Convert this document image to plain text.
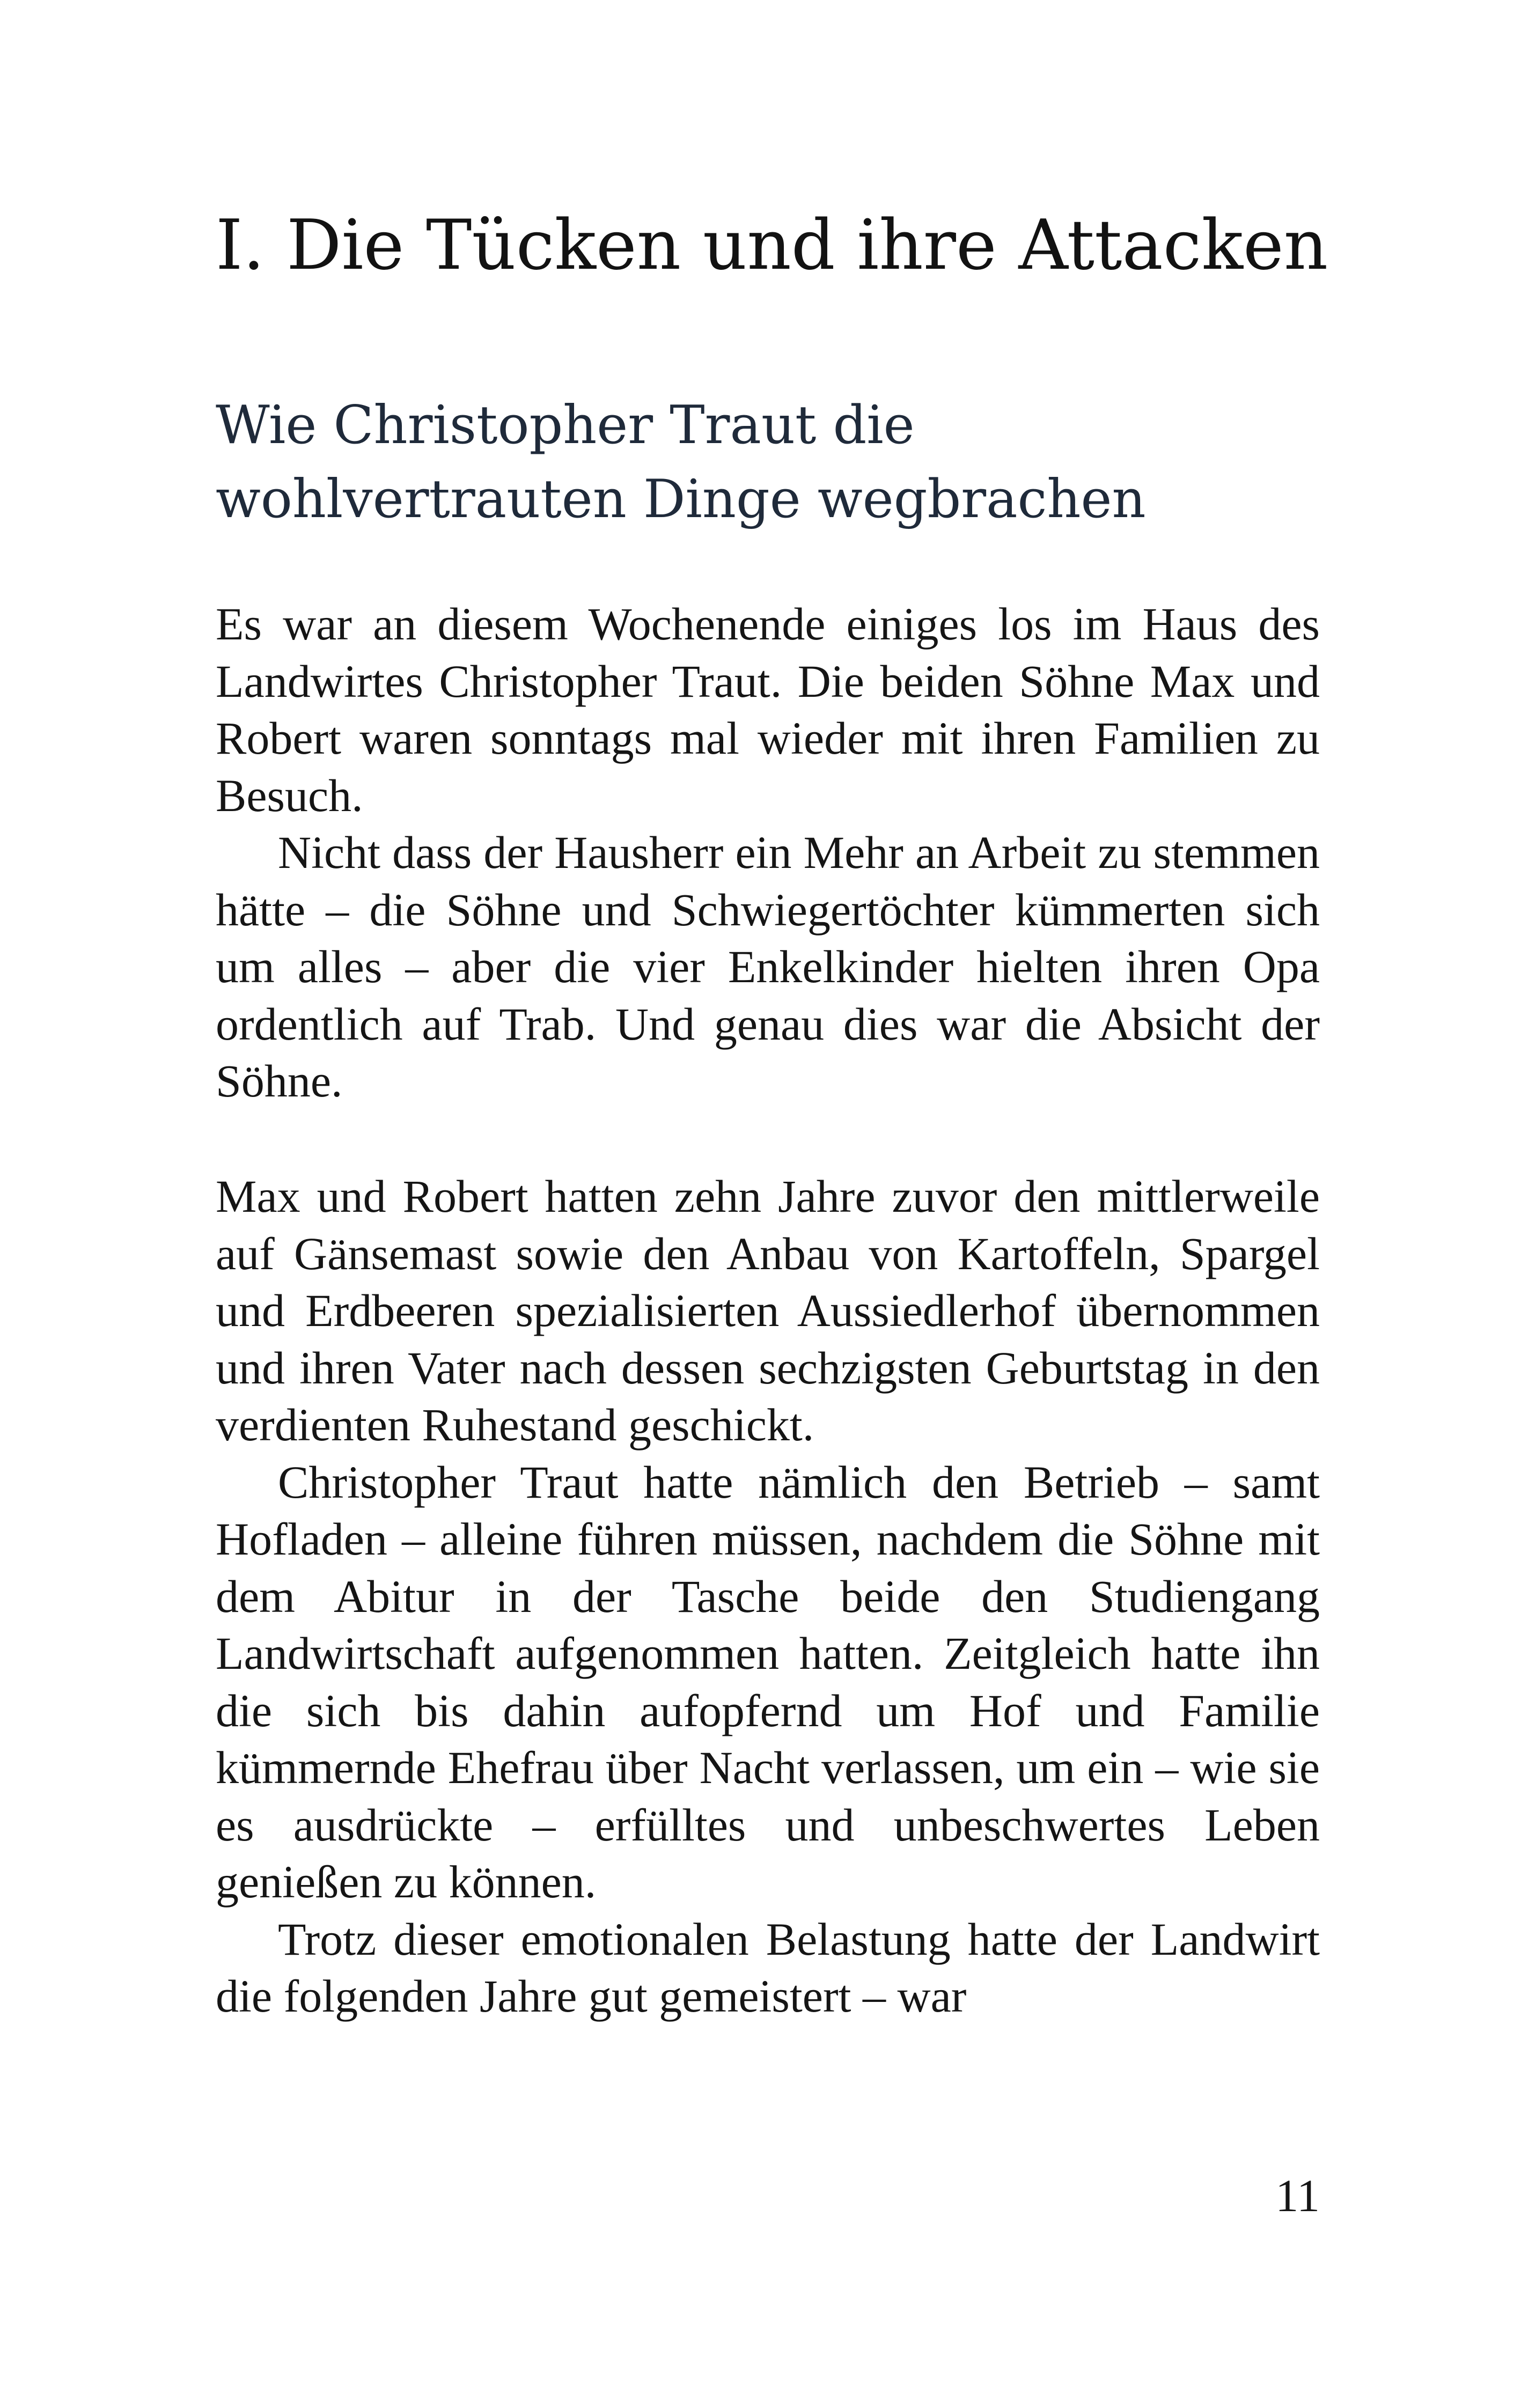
I. Die Tücken und ihre Attacken
Wie Christopher Traut die
wohlvertrauten Dinge wegbrachen

Es war an diesem Wochenende einiges los im Haus des Landwirtes Christopher Traut. Die beiden Söhne Max und Robert waren sonntags mal wieder mit ihren Familien zu Besuch.

Nicht dass der Hausherr ein Mehr an Arbeit zu stemmen hätte – die Söhne und Schwiegertöchter kümmerten sich um alles – aber die vier Enkelkinder hielten ihren Opa ordentlich auf Trab. Und genau dies war die Absicht der Söhne.

Max und Robert hatten zehn Jahre zuvor den mittlerweile auf Gänsemast sowie den Anbau von Kartoffeln, Spargel und Erdbeeren spezialisierten Aussiedlerhof übernommen und ihren Vater nach dessen sechzigsten Geburtstag in den verdienten Ruhestand geschickt.

Christopher Traut hatte nämlich den Betrieb – samt Hofladen – alleine führen müssen, nachdem die Söhne mit dem Abitur in der Tasche beide den Studiengang Landwirtschaft aufgenommen hatten. Zeitgleich hatte ihn die sich bis dahin aufopfernd um Hof und Familie kümmernde Ehefrau über Nacht verlassen, um ein – wie sie es ausdrückte – erfülltes und unbeschwertes Leben genießen zu können.

Trotz dieser emotionalen Belastung hatte der Landwirt die folgenden Jahre gut gemeistert – war

11
